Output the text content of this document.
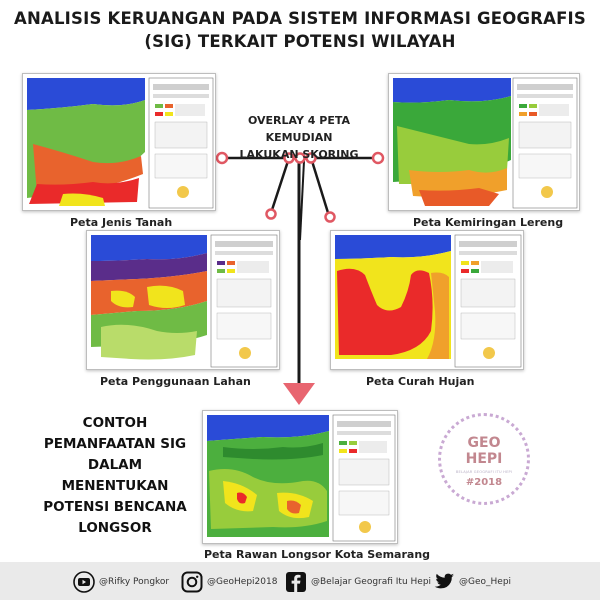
ANALISIS KERUANGAN PADA SISTEM INFORMASI GEOGRAFIS
(SIG) TERKAIT POTENSI WILAYAH
Peta Jenis Tanah	Peta Kemiringan Lereng
OVERLAY 4 PETA KEMUDIAN
LAKUKAN SKORING
Peta Penggunaan Lahan	Peta Curah Hujan
CONTOH
PEMANFAATAN SIG
DALAM MENENTUKAN
POTENSI BENCANA
LONGSOR
Peta Rawan Longsor Kota Semarang
GEO
HEPI
BELAJAR GEOGRAFI ITU HEPI
#2018
@Rifky Pongkor	@GeoHepi2018	@Belajar Geografi Itu Hepi	@Geo_Hepi
